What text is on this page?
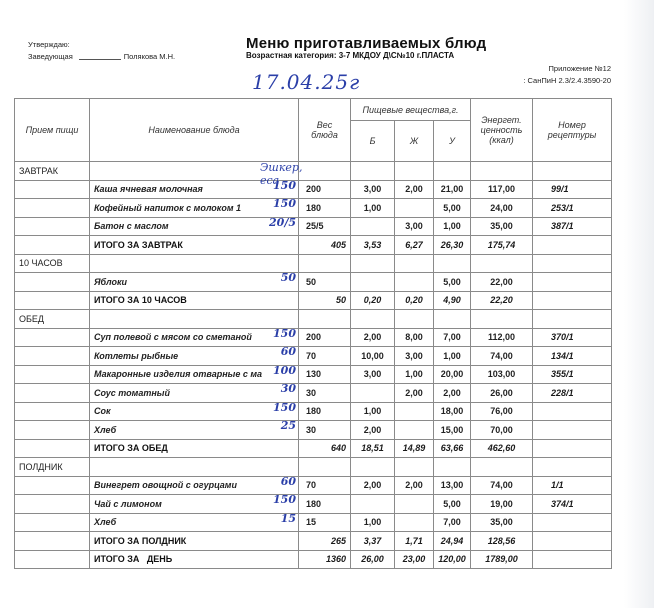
Утверждаю:
Заведующая	Полякова М.Н.
Меню приготавливаемых блюд
Возрастная категория: 3-7 МКДОУ Д\С№10 г.ПЛАСТА
Приложение №12
: СанПиН 2.3/2.4.3590-20
17.04.25г
Прием пищи	Наименование блюда	Вес блюда	Пищевые вещества,г.			Энергет. ценность (ккал)	Номер рецептуры
			Б	Ж	У		
ЗАВТРАК	Эшкер, еса						

	Каша ячневая молочная 150	200	3,00	2,00	21,00	117,00	99/1
	Кофейный напиток с молоком 1 150	180	1,00		5,00	24,00	253/1
	Батон с маслом 20/5	25/5		3,00	1,00	35,00	387/1
	ИТОГО ЗА ЗАВТРАК	405	3,53	6,27	26,30	175,74	
10 ЧАСОВ							
	Яблоки 50	50			5,00	22,00	
	ИТОГО ЗА 10 ЧАСОВ	50	0,20	0,20	4,90	22,20	
ОБЕД							
	Суп полевой с мясом со сметаной 150	200	2,00	8,00	7,00	112,00	370/1
	Котлеты рыбные 60	70	10,00	3,00	1,00	74,00	134/1
	Макаронные изделия отварные с ма 100	130	3,00	1,00	20,00	103,00	355/1
	Соус томатный 30	30		2,00	2,00	26,00	228/1
	Сок 150	180	1,00		18,00	76,00	
	Хлеб 25	30	2,00		15,00	70,00	
	ИТОГО ЗА ОБЕД	640	18,51	14,89	63,66	462,60	
ПОЛДНИК							
	Винегрет овощной с огурцами 60	70	2,00	2,00	13,00	74,00	1/1
	Чай с лимоном 150	180			5,00	19,00	374/1
	Хлеб 15	15	1,00		7,00	35,00	
	ИТОГО ЗА ПОЛДНИК	265	3,37	1,71	24,94	128,56	
	ИТОГО ЗА   ДЕНЬ	1360	26,00	23,00	120,00	1789,00	
